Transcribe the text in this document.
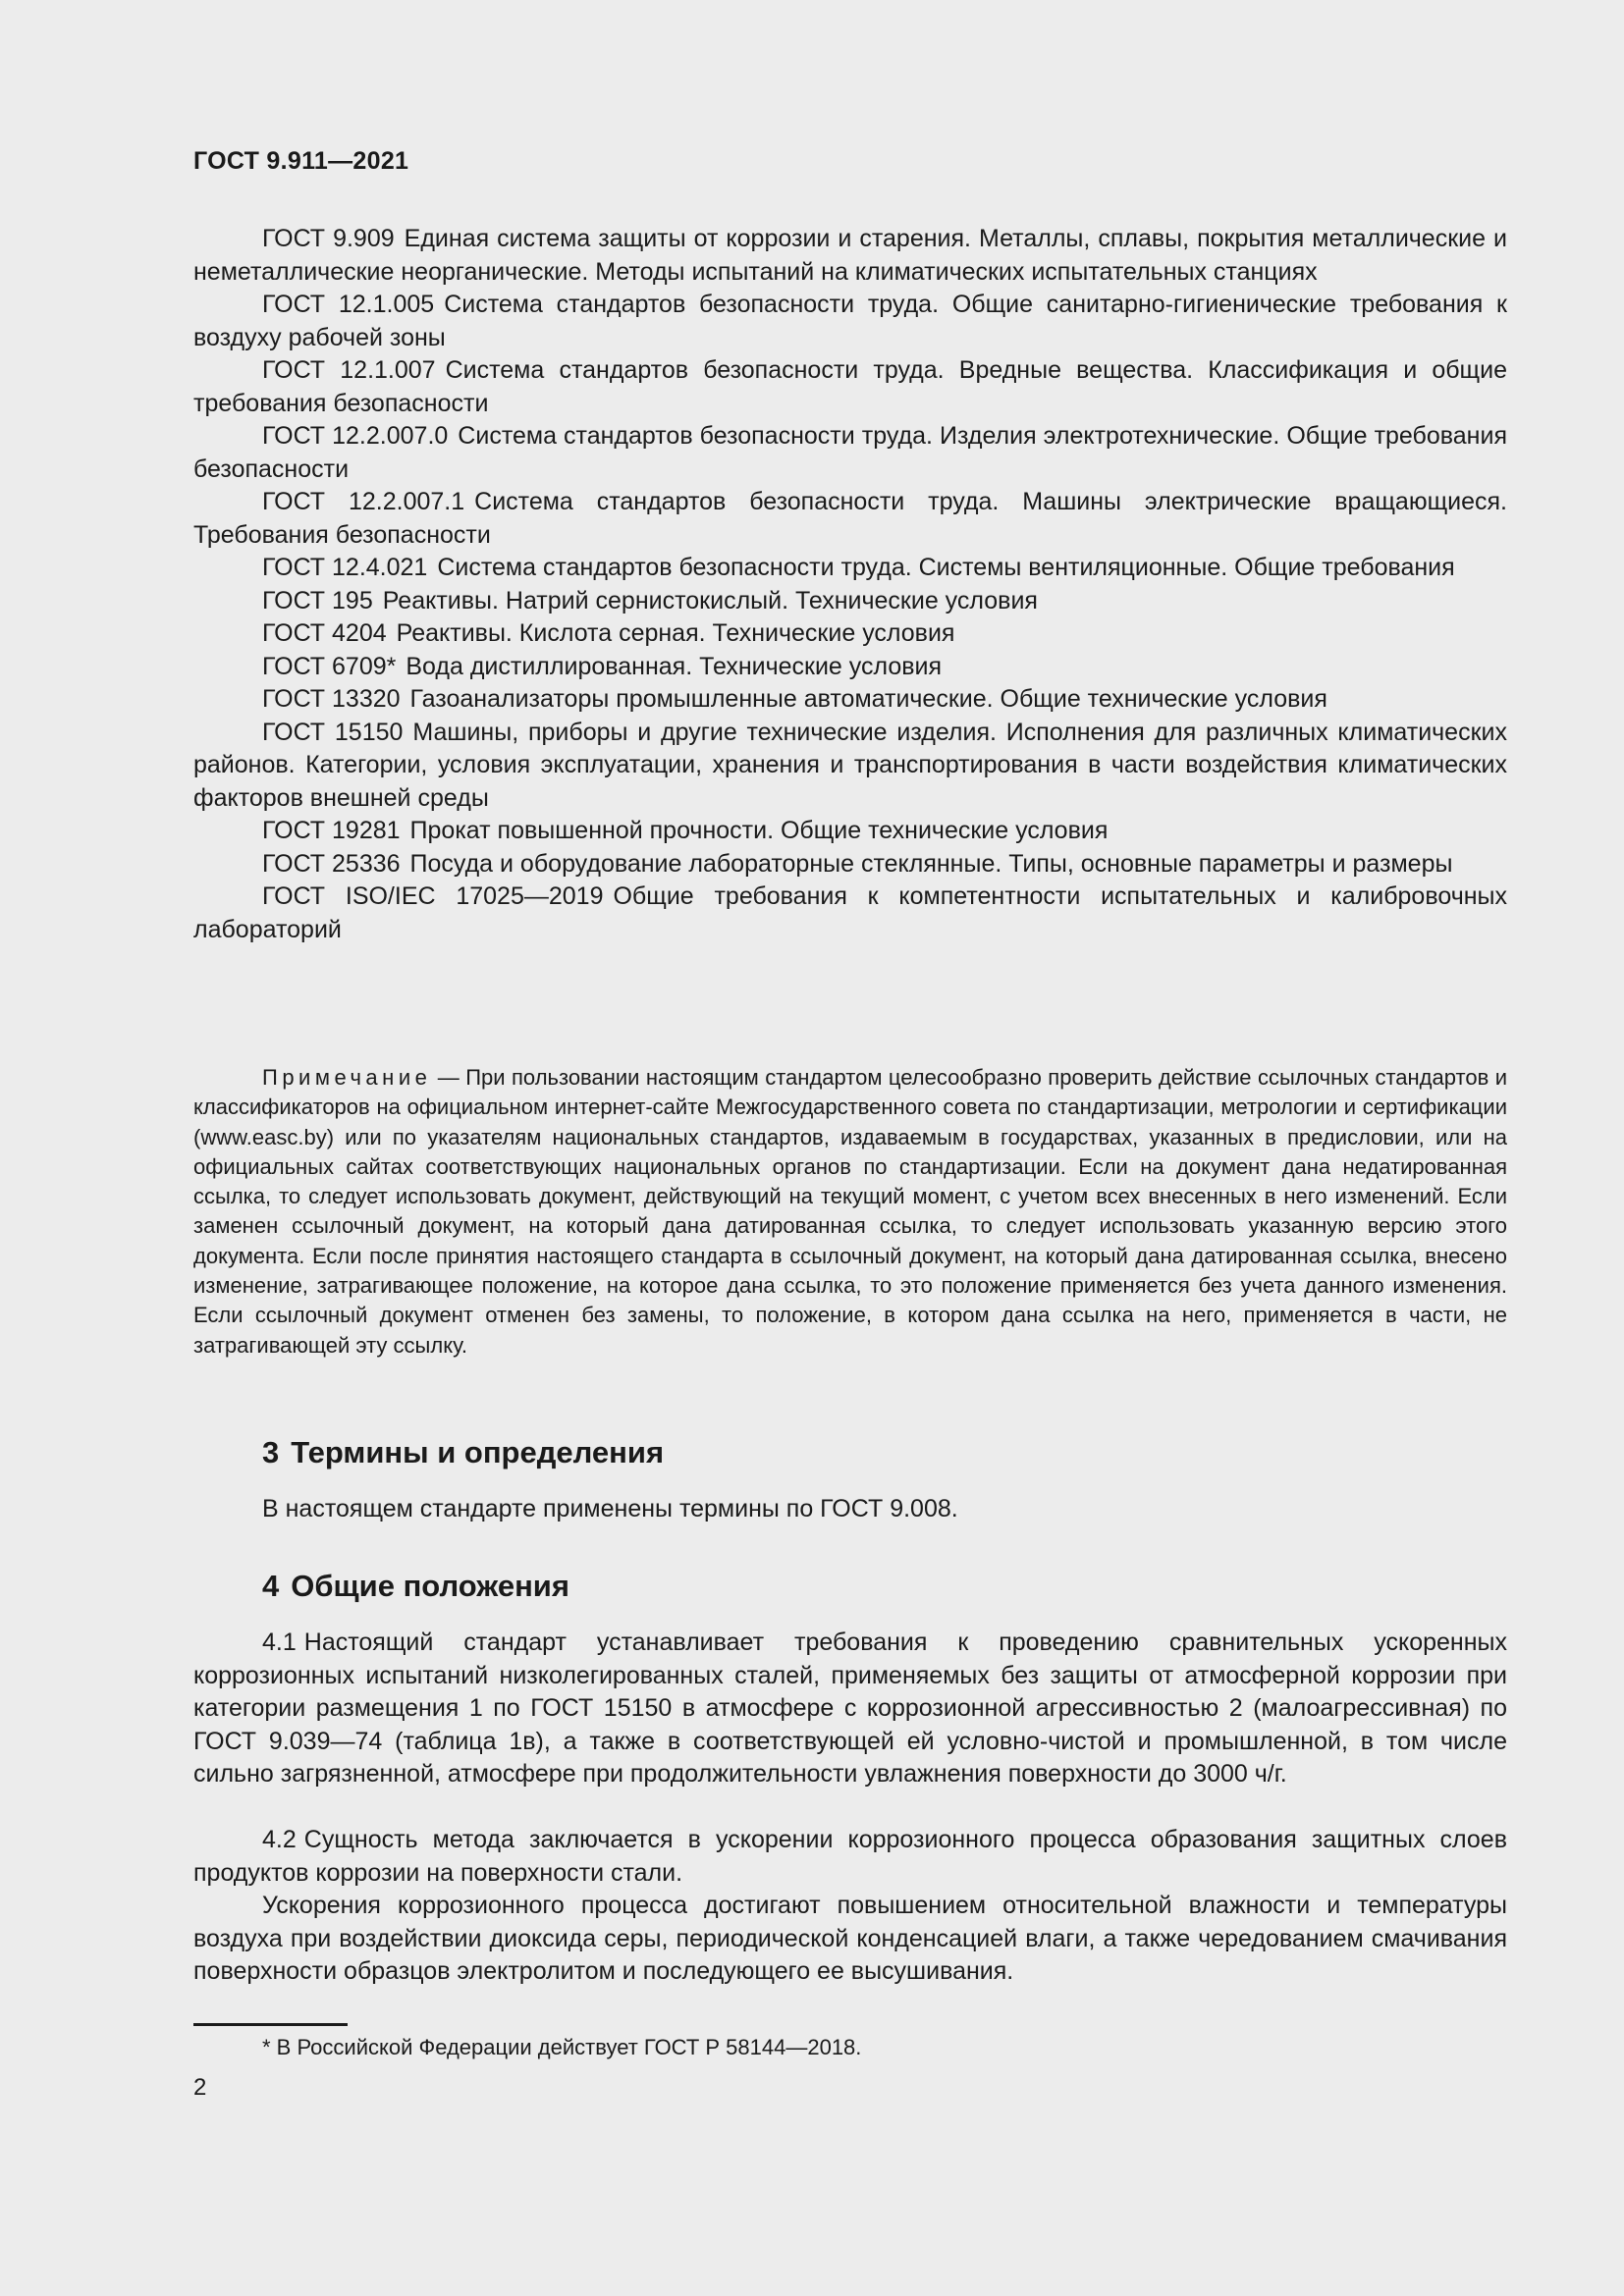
ГОСТ 9.911—2021

ГОСТ 9.909 Единая система защиты от коррозии и старения. Металлы, сплавы, покрытия металлические и неметаллические неорганические. Методы испытаний на климатических испытательных станциях

ГОСТ 12.1.005 Система стандартов безопасности труда. Общие санитарно-гигиенические требования к воздуху рабочей зоны

ГОСТ 12.1.007 Система стандартов безопасности труда. Вредные вещества. Классификация и общие требования безопасности

ГОСТ 12.2.007.0 Система стандартов безопасности труда. Изделия электротехнические. Общие требования безопасности

ГОСТ 12.2.007.1 Система стандартов безопасности труда. Машины электрические вращающиеся. Требования безопасности

ГОСТ 12.4.021 Система стандартов безопасности труда. Системы вентиляционные. Общие требования

ГОСТ 195 Реактивы. Натрий сернистокислый. Технические условия

ГОСТ 4204 Реактивы. Кислота серная. Технические условия

ГОСТ 6709* Вода дистиллированная. Технические условия

ГОСТ 13320 Газоанализаторы промышленные автоматические. Общие технические условия

ГОСТ 15150 Машины, приборы и другие технические изделия. Исполнения для различных климатических районов. Категории, условия эксплуатации, хранения и транспортирования в части воздействия климатических факторов внешней среды

ГОСТ 19281 Прокат повышенной прочности. Общие технические условия

ГОСТ 25336 Посуда и оборудование лабораторные стеклянные. Типы, основные параметры и размеры

ГОСТ ISO/IEC 17025—2019 Общие требования к компетентности испытательных и калибровочных лабораторий

Примечание — При пользовании настоящим стандартом целесообразно проверить действие ссылочных стандартов и классификаторов на официальном интернет-сайте Межгосударственного совета по стандартизации, метрологии и сертификации (www.easc.by) или по указателям национальных стандартов, издаваемым в государствах, указанных в предисловии, или на официальных сайтах соответствующих национальных органов по стандартизации. Если на документ дана недатированная ссылка, то следует использовать документ, действующий на текущий момент, с учетом всех внесенных в него изменений. Если заменен ссылочный документ, на который дана датированная ссылка, то следует использовать указанную версию этого документа. Если после принятия настоящего стандарта в ссылочный документ, на который дана датированная ссылка, внесено изменение, затрагивающее положение, на которое дана ссылка, то это положение применяется без учета данного изменения. Если ссылочный документ отменен без замены, то положение, в котором дана ссылка на него, применяется в части, не затрагивающей эту ссылку.

3 Термины и определения

В настоящем стандарте применены термины по ГОСТ 9.008.

4 Общие положения

4.1 Настоящий стандарт устанавливает требования к проведению сравнительных ускоренных коррозионных испытаний низколегированных сталей, применяемых без защиты от атмосферной коррозии при категории размещения 1 по ГОСТ 15150 в атмосфере с коррозионной агрессивностью 2 (малоагрессивная) по ГОСТ 9.039—74 (таблица 1в), а также в соответствующей ей условно-чистой и промышленной, в том числе сильно загрязненной, атмосфере при продолжительности увлажнения поверхности до 3000 ч/г.

4.2 Сущность метода заключается в ускорении коррозионного процесса образования защитных слоев продуктов коррозии на поверхности стали.

Ускорения коррозионного процесса достигают повышением относительной влажности и температуры воздуха при воздействии диоксида серы, периодической конденсацией влаги, а также чередованием смачивания поверхности образцов электролитом и последующего ее высушивания.

* В Российской Федерации действует ГОСТ Р 58144—2018.
2
